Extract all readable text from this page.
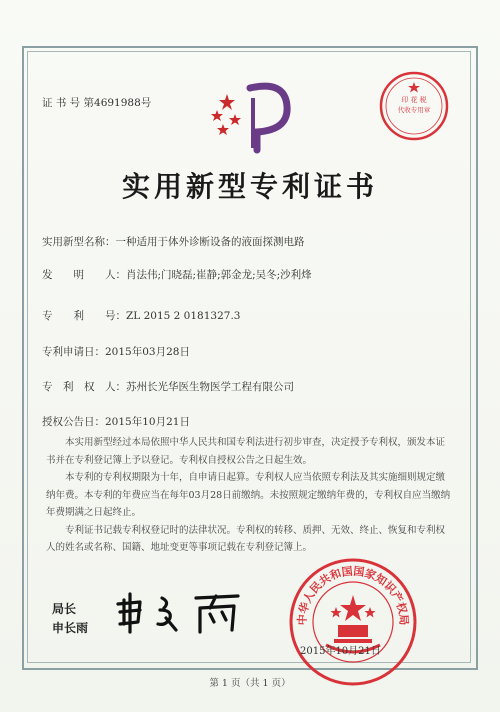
证 书 号 第4691988号	印 花 税
代收专用章
实用新型专利证书
实用新型名称：一种适用于体外诊断设备的液面探测电路
发　　明　　人：肖法伟;门晓磊;崔静;郭金龙;吴冬;沙利烽
专　　利　　号：ZL 2015 2 0181327.3
专利申请日：2015年03月28日
专　利　权　人：苏州长光华医生物医学工程有限公司
授权公告日：2015年10月21日

　　本实用新型经过本局依照中华人民共和国专利法进行初步审查，决定授予专利权，颁发本证书并在专利登记簿上予以登记。专利权自授权公告之日起生效。

　　本专利的专利权期限为十年，自申请日起算。专利权人应当依照专利法及其实施细则规定缴纳年费。本专利的年费应当在每年03月28日前缴纳。未按照规定缴纳年费的，专利权自应当缴纳年费期满之日起终止。

　　专利证书记载专利权登记时的法律状况。专利权的转移、质押、无效、终止、恢复和专利权人的姓名或名称、国籍、地址变更等事项记载在专利登记簿上。

局长
申长雨
中华人民共和国国家知识产权局
2015年10月21日
第 1 页（共 1 页）
